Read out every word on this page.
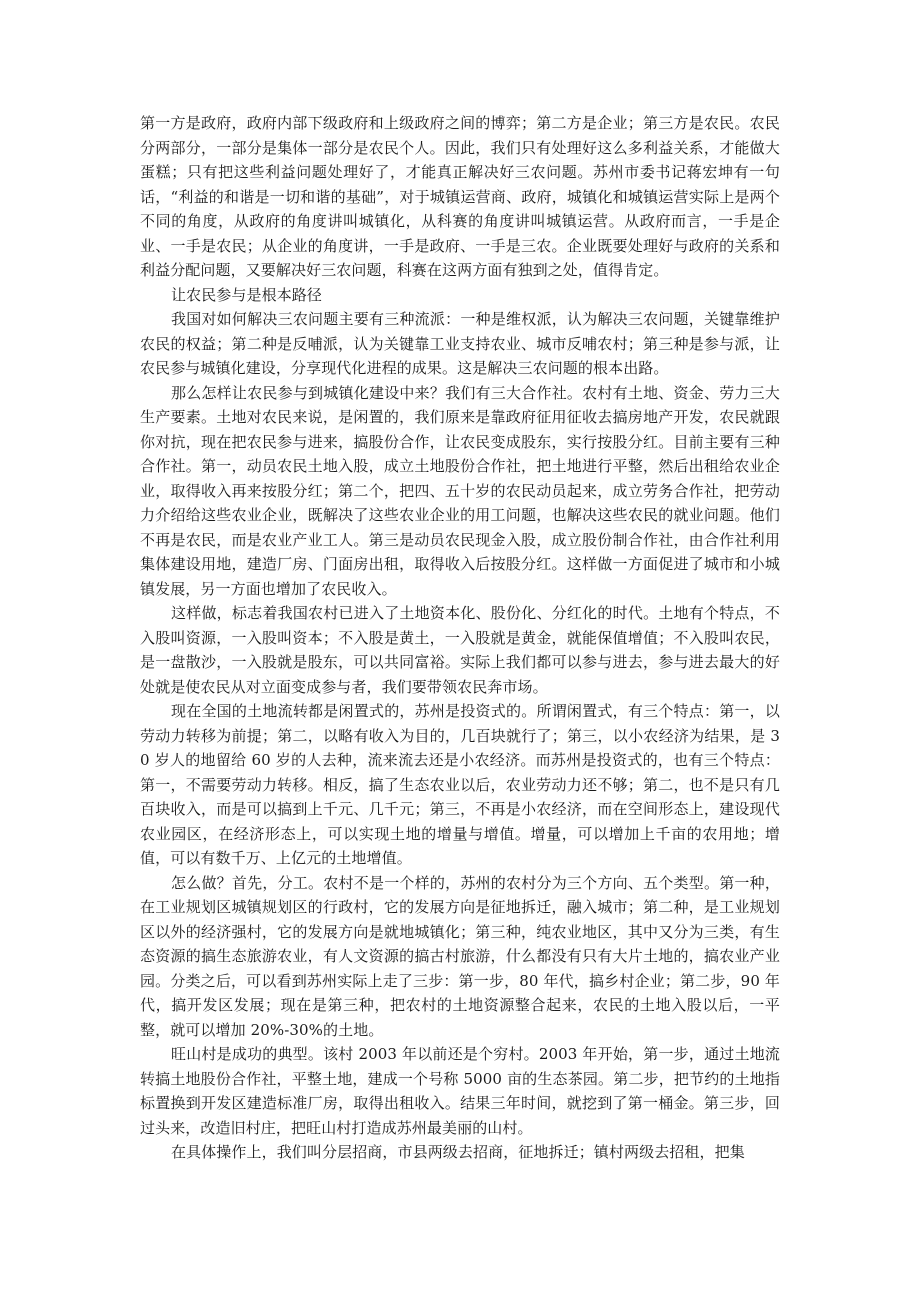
第一方是政府，政府内部下级政府和上级政府之间的博弈；第二方是企业；第三方是农民。农民分两部分，一部分是集体一部分是农民个人。因此，我们只有处理好这么多利益关系，才能做大蛋糕；只有把这些利益问题处理好了，才能真正解决好三农问题。苏州市委书记蒋宏坤有一句话，“利益的和谐是一切和谐的基础”，对于城镇运营商、政府，城镇化和城镇运营实际上是两个不同的角度，从政府的角度讲叫城镇化，从科赛的角度讲叫城镇运营。从政府而言，一手是企业、一手是农民；从企业的角度讲，一手是政府、一手是三农。企业既要处理好与政府的关系和利益分配问题，又要解决好三农问题，科赛在这两方面有独到之处，值得肯定。

让农民参与是根本路径

我国对如何解决三农问题主要有三种流派：一种是维权派，认为解决三农问题，关键靠维护农民的权益；第二种是反哺派，认为关键靠工业支持农业、城市反哺农村；第三种是参与派，让农民参与城镇化建设，分享现代化进程的成果。这是解决三农问题的根本出路。

那么怎样让农民参与到城镇化建设中来？我们有三大合作社。农村有土地、资金、劳力三大生产要素。土地对农民来说，是闲置的，我们原来是靠政府征用征收去搞房地产开发，农民就跟你对抗，现在把农民参与进来，搞股份合作，让农民变成股东，实行按股分红。目前主要有三种合作社。第一，动员农民土地入股，成立土地股份合作社，把土地进行平整，然后出租给农业企业，取得收入再来按股分红；第二个，把四、五十岁的农民动员起来，成立劳务合作社，把劳动力介绍给这些农业企业，既解决了这些农业企业的用工问题，也解决这些农民的就业问题。他们不再是农民，而是农业产业工人。第三是动员农民现金入股，成立股份制合作社，由合作社利用集体建设用地，建造厂房、门面房出租，取得收入后按股分红。这样做一方面促进了城市和小城镇发展，另一方面也增加了农民收入。

这样做，标志着我国农村已进入了土地资本化、股份化、分红化的时代。土地有个特点，不入股叫资源，一入股叫资本；不入股是黄土，一入股就是黄金，就能保值增值；不入股叫农民，是一盘散沙，一入股就是股东，可以共同富裕。实际上我们都可以参与进去，参与进去最大的好处就是使农民从对立面变成参与者，我们要带领农民奔市场。

现在全国的土地流转都是闲置式的，苏州是投资式的。所谓闲置式，有三个特点：第一，以劳动力转移为前提；第二，以略有收入为目的，几百块就行了；第三，以小农经济为结果，是 30 岁人的地留给 60 岁的人去种，流来流去还是小农经济。而苏州是投资式的，也有三个特点：第一，不需要劳动力转移。相反，搞了生态农业以后，农业劳动力还不够；第二，也不是只有几百块收入，而是可以搞到上千元、几千元；第三，不再是小农经济，而在空间形态上，建设现代农业园区，在经济形态上，可以实现土地的增量与增值。增量，可以增加上千亩的农用地；增值，可以有数千万、上亿元的土地增值。

怎么做？首先，分工。农村不是一个样的，苏州的农村分为三个方向、五个类型。第一种，在工业规划区城镇规划区的行政村，它的发展方向是征地拆迁，融入城市；第二种，是工业规划区以外的经济强村，它的发展方向是就地城镇化；第三种，纯农业地区，其中又分为三类，有生态资源的搞生态旅游农业，有人文资源的搞古村旅游，什么都没有只有大片土地的，搞农业产业园。分类之后，可以看到苏州实际上走了三步：第一步，80 年代，搞乡村企业；第二步，90 年代，搞开发区发展；现在是第三种，把农村的土地资源整合起来，农民的土地入股以后，一平整，就可以增加 20%-30%的土地。

旺山村是成功的典型。该村 2003 年以前还是个穷村。2003 年开始，第一步，通过土地流转搞土地股份合作社，平整土地，建成一个号称 5000 亩的生态茶园。第二步，把节约的土地指标置换到开发区建造标准厂房，取得出租收入。结果三年时间，就挖到了第一桶金。第三步，回过头来，改造旧村庄，把旺山村打造成苏州最美丽的山村。

在具体操作上，我们叫分层招商，市县两级去招商，征地拆迁；镇村两级去招租，把集
